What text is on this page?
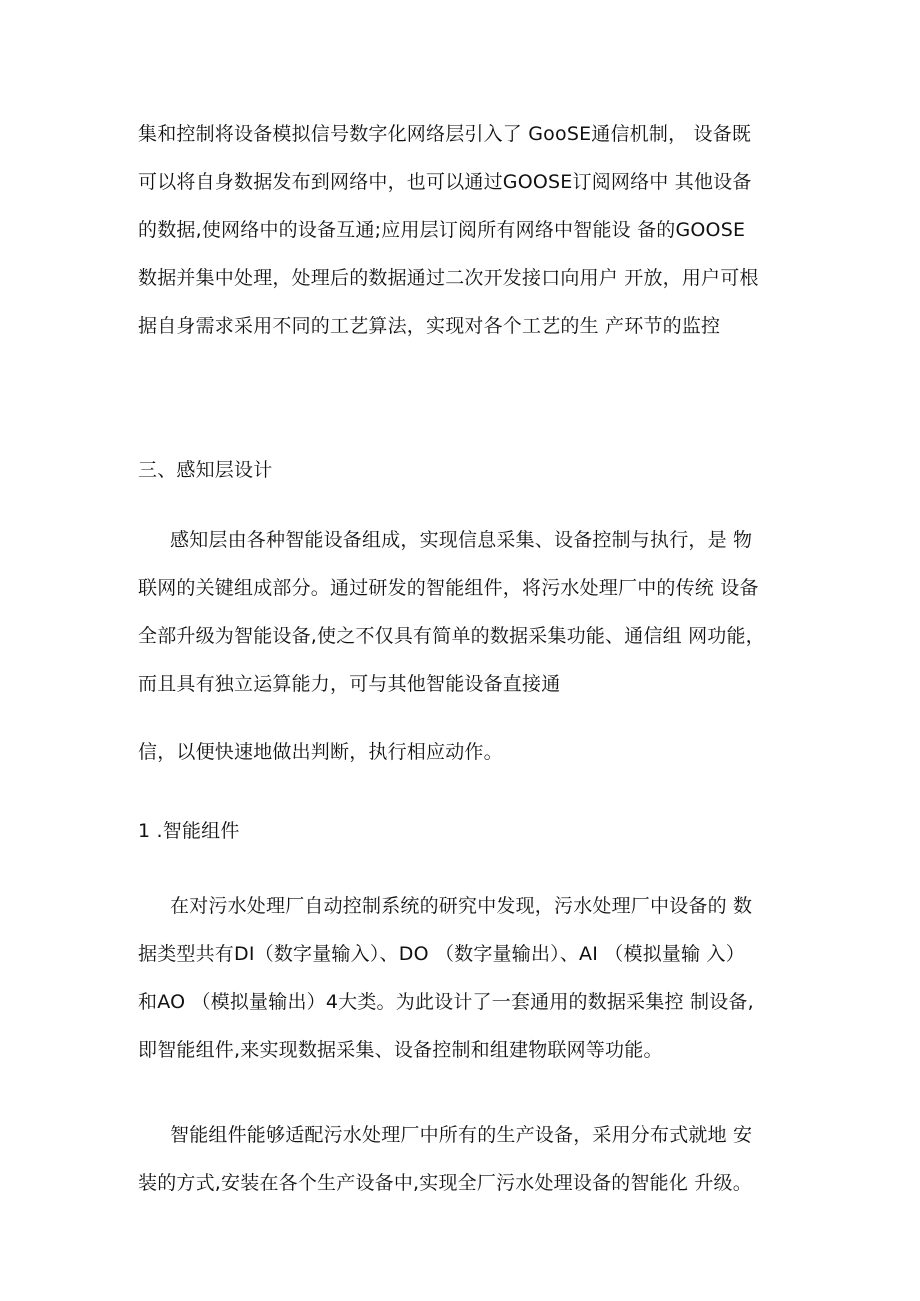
集和控制将设备模拟信号数字化网络层引入了 GooSE通信机制， 设备既
可以将自身数据发布到网络中，也可以通过GOOSE订阅网络中 其他设备
的数据,使网络中的设备互通;应用层订阅所有网络中智能设 备的GOOSE
数据并集中处理，处理后的数据通过二次开发接口向用户 开放，用户可根
据自身需求采用不同的工艺算法，实现对各个工艺的生 产环节的监控
三、感知层设计
感知层由各种智能设备组成，实现信息采集、设备控制与执行，是 物
联网的关键组成部分。通过研发的智能组件，将污水处理厂中的传统 设备
全部升级为智能设备,使之不仅具有简单的数据采集功能、通信组 网功能，
而且具有独立运算能力，可与其他智能设备直接通
信，以便快速地做出判断，执行相应动作。
1 .智能组件
在对污水处理厂自动控制系统的研究中发现，污水处理厂中设备的 数
据类型共有DI（数字量输入）、DO （数字量输出）、AI （模拟量输 入）
和AO （模拟量输出）4大类。为此设计了一套通用的数据采集控 制设备,
即智能组件,来实现数据采集、设备控制和组建物联网等功能。
智能组件能够适配污水处理厂中所有的生产设备，采用分布式就地 安
装的方式,安装在各个生产设备中,实现全厂污水处理设备的智能化 升级。
